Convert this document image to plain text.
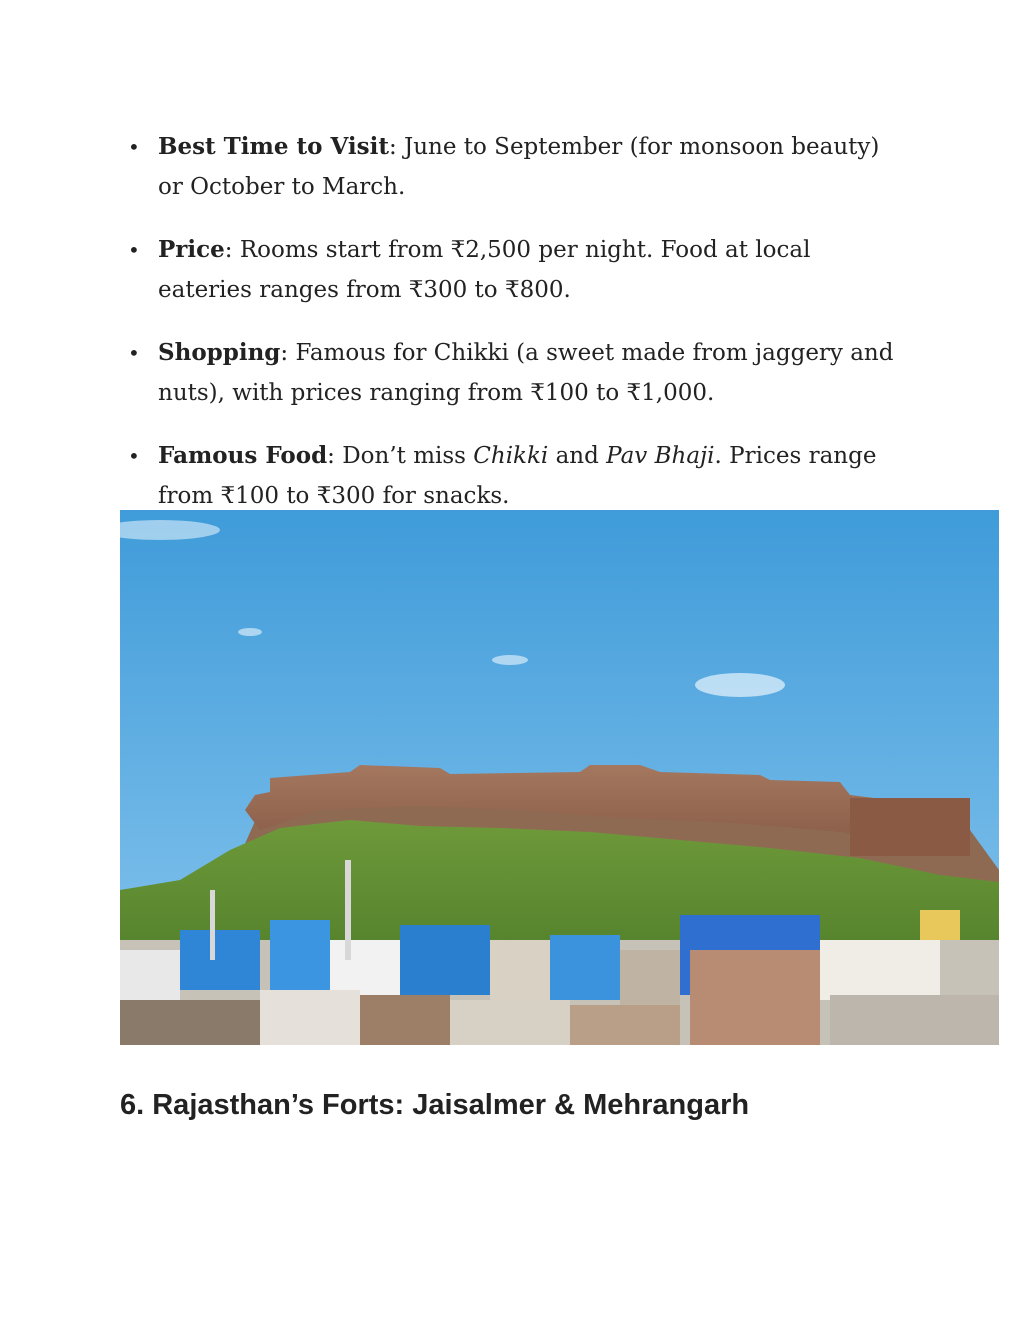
• Best Time to Visit: June to September (for monsoon beauty) or October to March.
• Price: Rooms start from ₹2,500 per night. Food at local eateries ranges from ₹300 to ₹800.
• Shopping: Famous for Chikki (a sweet made from jaggery and nuts), with prices ranging from ₹100 to ₹1,000.
• Famous Food: Don’t miss Chikki and Pav Bhaji. Prices range from ₹100 to ₹300 for snacks.
6. Rajasthan’s Forts: Jaisalmer & Mehrangarh
